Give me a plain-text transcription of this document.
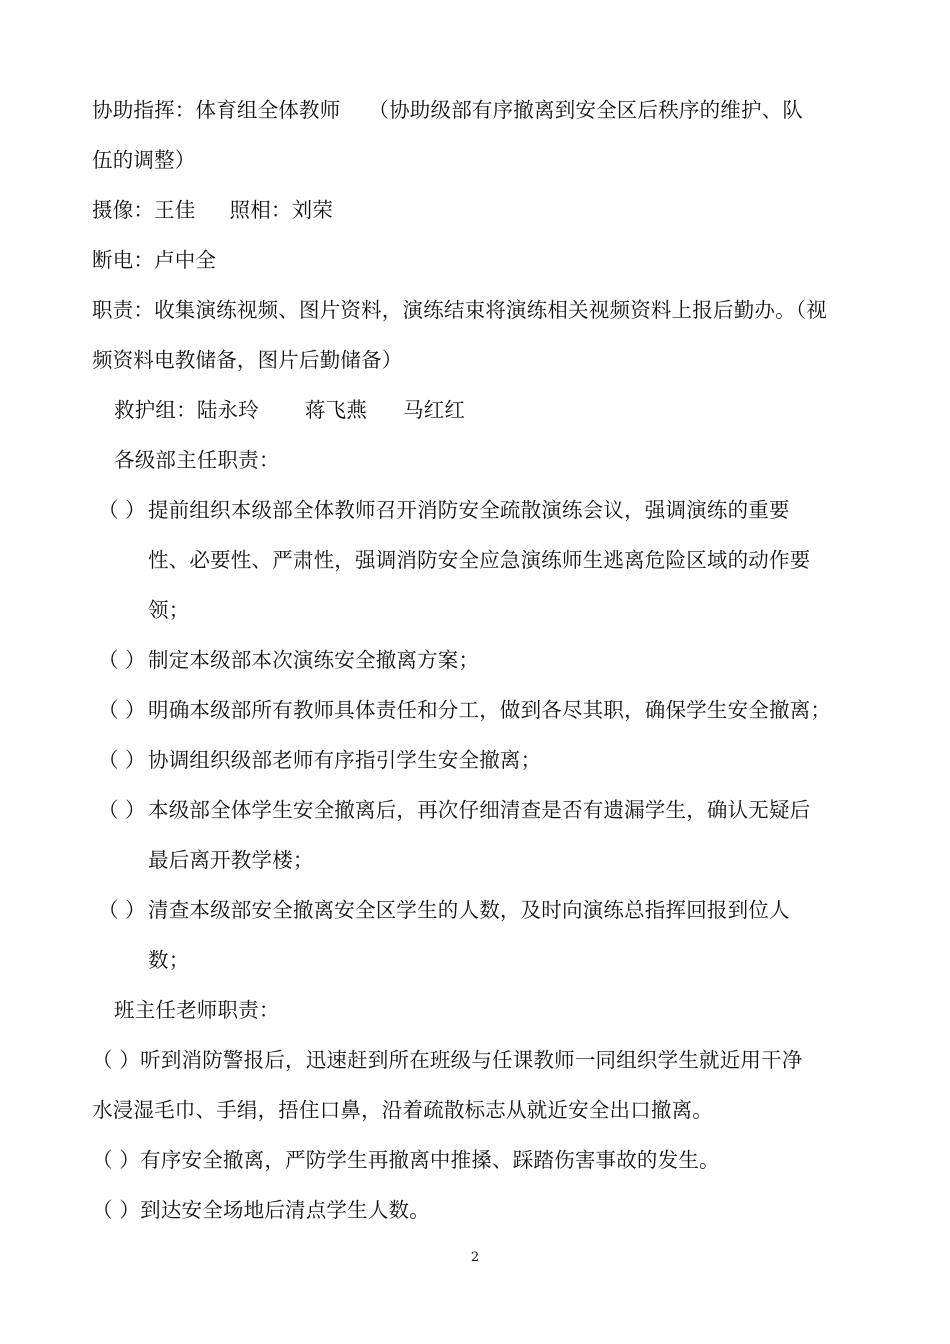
协助指挥：体育组全体教师 （协助级部有序撤离到安全区后秩序的维护、队
伍的调整）
摄像：王佳 照相：刘荣
断电：卢中全
职责：收集演练视频、图片资料，演练结束将演练相关视频资料上报后勤办。（视
频资料电教储备，图片后勤储备）
救护组：陆永玲 蒋飞燕 马红红
各级部主任职责：
（ ） 提前组织本级部全体教师召开消防安全疏散演练会议，强调演练的重要
性、必要性、严肃性，强调消防安全应急演练师生逃离危险区域的动作要
领；
（ ） 制定本级部本次演练安全撤离方案；
（ ） 明确本级部所有教师具体责任和分工，做到各尽其职，确保学生安全撤离；
（ ） 协调组织级部老师有序指引学生安全撤离；
（ ） 本级部全体学生安全撤离后，再次仔细清查是否有遗漏学生，确认无疑后
最后离开教学楼；
（ ） 清查本级部安全撤离安全区学生的人数，及时向演练总指挥回报到位人
数；
班主任老师职责：
（ ）听到消防警报后，迅速赶到所在班级与任课教师一同组织学生就近用干净
水浸湿毛巾、手绢，捂住口鼻，沿着疏散标志从就近安全出口撤离。
（ ）有序安全撤离，严防学生再撤离中推搡、踩踏伤害事故的发生。
（ ）到达安全场地后清点学生人数。
2
